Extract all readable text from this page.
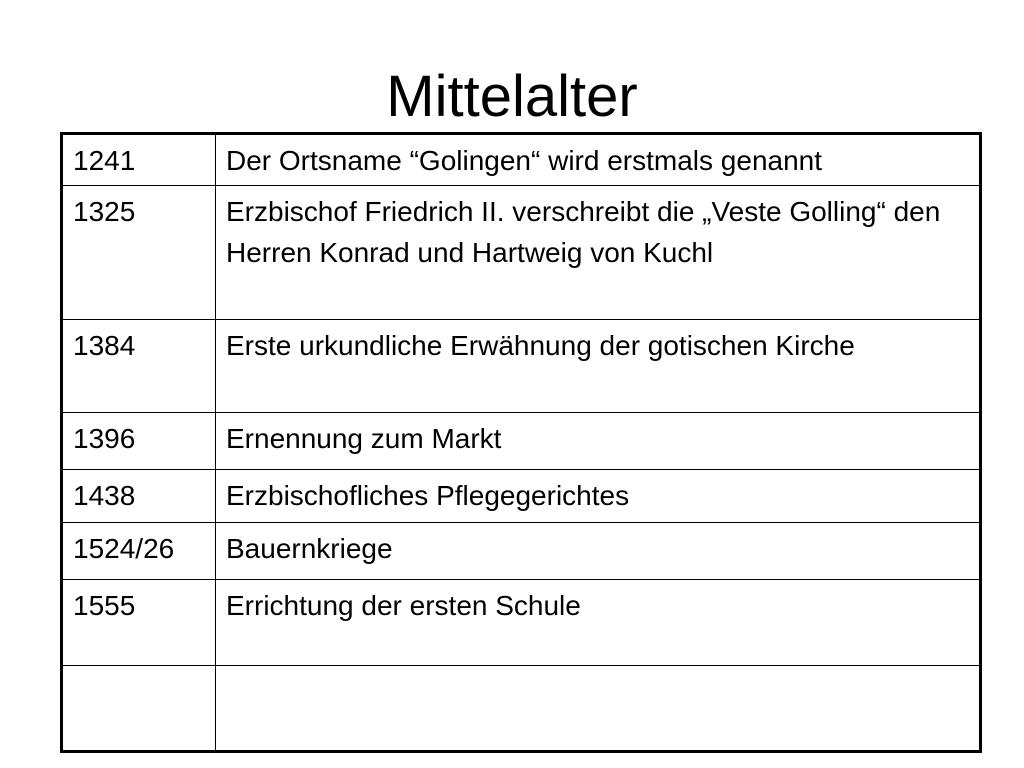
Mittelalter
1241	Der Ortsname “Golingen“ wird erstmals genannt
1325	Erzbischof Friedrich II. verschreibt die „Veste Golling“ den Herren Konrad und Hartweig von Kuchl
1384	Erste urkundliche Erwähnung der gotischen Kirche
1396	Ernennung zum Markt
1438	Erzbischofliches Pflegegerichtes
1524/26	Bauernkriege
1555	Errichtung der ersten Schule
